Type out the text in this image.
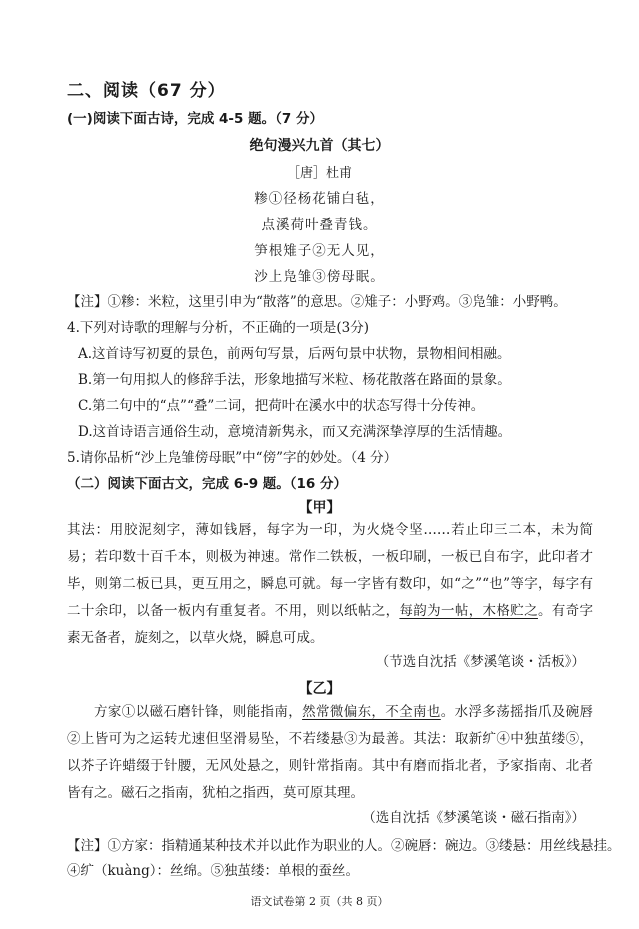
二、阅读（67 分）
(一)阅读下面古诗，完成 4-5 题。（7 分）
绝句漫兴九首（其七）
［唐］杜甫
糁①径杨花铺白毡，
点溪荷叶叠青钱。
笋根雉子②无人见，
沙上凫雏③傍母眠。
【注】①糁：米粒，这里引申为“散落”的意思。②雉子：小野鸡。③凫雏：小野鸭。
4.下列对诗歌的理解与分析，不正确的一项是(3分)
A.这首诗写初夏的景色，前两句写景，后两句景中状物，景物相间相融。
B.第一句用拟人的修辞手法，形象地描写米粒、杨花散落在路面的景象。
C.第二句中的“点”“叠”二词，把荷叶在溪水中的状态写得十分传神。
D.这首诗语言通俗生动，意境清新隽永，而又充满深挚淳厚的生活情趣。
5.请你品析“沙上凫雏傍母眠”中“傍”字的妙处。（4 分）
（二）阅读下面古文，完成 6-9 题。（16 分）
【甲】
其法：用胶泥刻字，薄如钱唇，每字为一印，为火烧令坚……若止印三二本，未为简易；若印数十百千本，则极为神速。常作二铁板，一板印刷，一板已自布字，此印者才毕，则第二板已具，更互用之，瞬息可就。每一字皆有数印，如“之”“也”等字，每字有二十余印，以备一板内有重复者。不用，则以纸帖之，每韵为一帖，木格贮之。有奇字素无备者，旋刻之，以草火烧，瞬息可成。
（节选自沈括《梦溪笔谈・活板》）
【乙】
方家①以磁石磨针锋，则能指南，然常微偏东，不全南也。水浮多荡摇指爪及碗唇②上皆可为之运转尤速但坚滑易坠，不若缕悬③为最善。其法：取新纩④中独茧缕⑤，以芥子许蜡缀于针腰，无风处悬之，则针常指南。其中有磨而指北者，予家指南、北者皆有之。磁石之指南，犹柏之指西，莫可原其理。
（选自沈括《梦溪笔谈・磁石指南》）
【注】①方家：指精通某种技术并以此作为职业的人。②碗唇：碗边。③缕悬：用丝线悬挂。
④纩（kuàng）：丝绵。⑤独茧缕：单根的蚕丝。
语文试卷第 2 页（共 8 页）
